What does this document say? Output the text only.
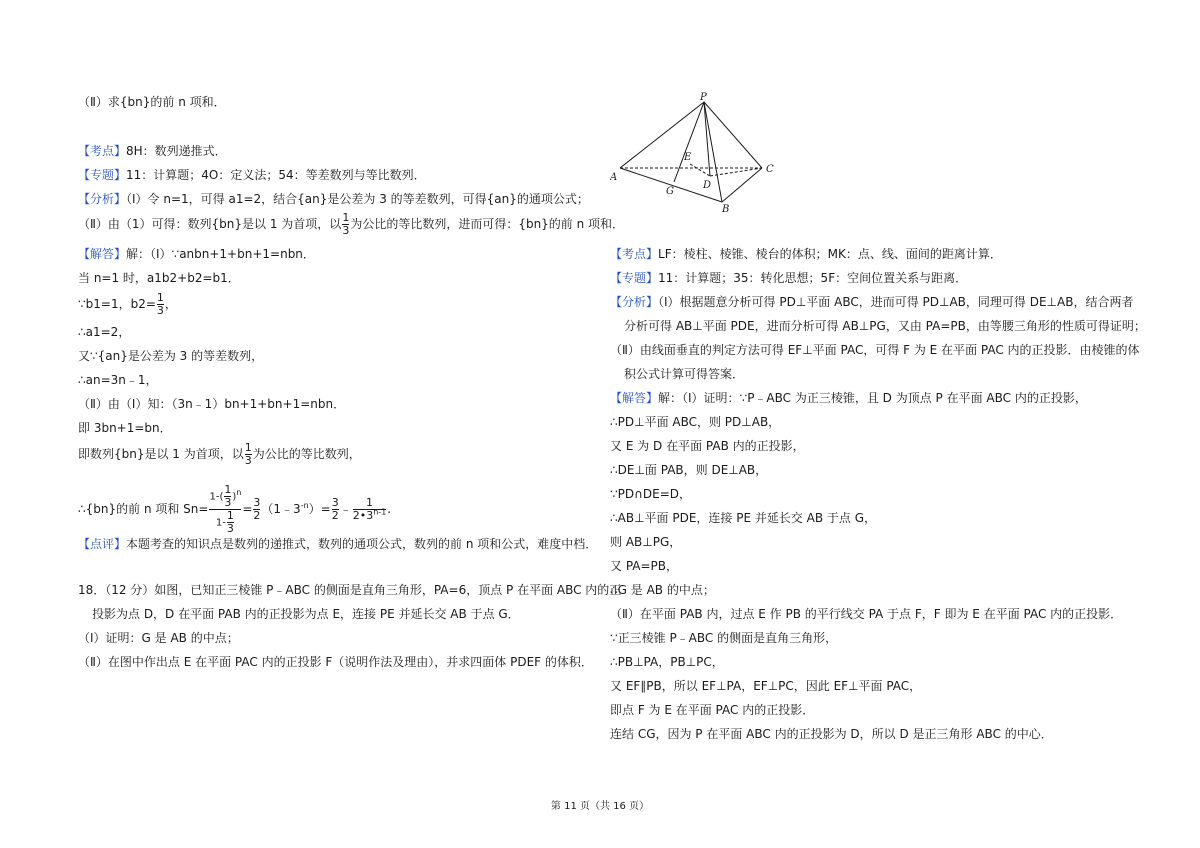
（Ⅱ）求{bn}的前 n 项和．
【考点】8H：数列递推式．
【专题】11：计算题；4O：定义法；54：等差数列与等比数列．
【分析】（Ⅰ）令 n=1，可得 a1=2，结合{an}是公差为 3 的等差数列，可得{an}的通项公式；
（Ⅱ）由（1）可得：数列{bn}是以 1 为首项，以 $\frac{1}{3}$ 为公比的等比数列，进而可得：{bn}的前 n 项和．
【解答】解：（Ⅰ）∵anbn+1+bn+1=nbn．
当 n=1 时，a1b2+b2=b1．
∵b1=1，$b2= \frac{1}{3}$ ，
∴a1=2，
又∵{an}是公差为 3 的等差数列，
∴an=3n﹣1，
（Ⅱ）由（I）知：（3n﹣1）bn+1+bn+1=nbn．
即 3bn+1=bn．
即数列{bn}是以 1 为首项，以 $\frac{1}{3}$ 为公比的等比数列，
∴{bn}的前 n 项和 $Sn= \frac{1-( \frac{1}{3} )^n}{1- \frac{1}{3}} = \frac{3}{2}$ $(1﹣3^{-n})= \frac{3}{2}$ ﹣ $\frac{1}{2•3^{n-1}}$ .
【点评】本题考查的知识点是数列的递推式，数列的通项公式，数列的前 n 项和公式，难度中档．
18．（12 分）如图，已知正三棱锥 P﹣ABC 的侧面是直角三角形，PA=6，顶点 P 在平面 ABC 内的正
投影为点 D，D 在平面 PAB 内的正投影为点 E，连接 PE 并延长交 AB 于点 G．
（Ⅰ）证明：G 是 AB 的中点；
（Ⅱ）在图中作出点 E 在平面 PAC 内的正投影 F（说明作法及理由），并求四面体 PDEF 的体积．
P
A
B
C
D
E
G
【考点】LF：棱柱、棱锥、棱台的体积；MK：点、线、面间的距离计算．
【专题】11：计算题；35：转化思想；5F：空间位置关系与距离．
【分析】（Ⅰ）根据题意分析可得 PD⊥平面 ABC，进而可得 PD⊥AB，同理可得 DE⊥AB，结合两者
分析可得 AB⊥平面 PDE，进而分析可得 AB⊥PG，又由 PA=PB，由等腰三角形的性质可得证明；
（Ⅱ）由线面垂直的判定方法可得 EF⊥平面 PAC，可得 F 为 E 在平面 PAC 内的正投影．由棱锥的体
积公式计算可得答案．
【解答】解：（Ⅰ）证明：∵P﹣ABC 为正三棱锥，且 D 为顶点 P 在平面 ABC 内的正投影，
∴PD⊥平面 ABC，则 PD⊥AB，
又 E 为 D 在平面 PAB 内的正投影，
∴DE⊥面 PAB，则 DE⊥AB，
∵PD∩DE=D，
∴AB⊥平面 PDE，连接 PE 并延长交 AB 于点 G，
则 AB⊥PG，
又 PA=PB，
∴G 是 AB 的中点；
（Ⅱ）在平面 PAB 内，过点 E 作 PB 的平行线交 PA 于点 F，F 即为 E 在平面 PAC 内的正投影．
∵正三棱锥 P﹣ABC 的侧面是直角三角形，
∴PB⊥PA，PB⊥PC，
又 EF∥PB，所以 EF⊥PA，EF⊥PC，因此 EF⊥平面 PAC，
即点 F 为 E 在平面 PAC 内的正投影．
连结 CG，因为 P 在平面 ABC 内的正投影为 D，所以 D 是正三角形 ABC 的中心．
第 11 页（共 16 页）
